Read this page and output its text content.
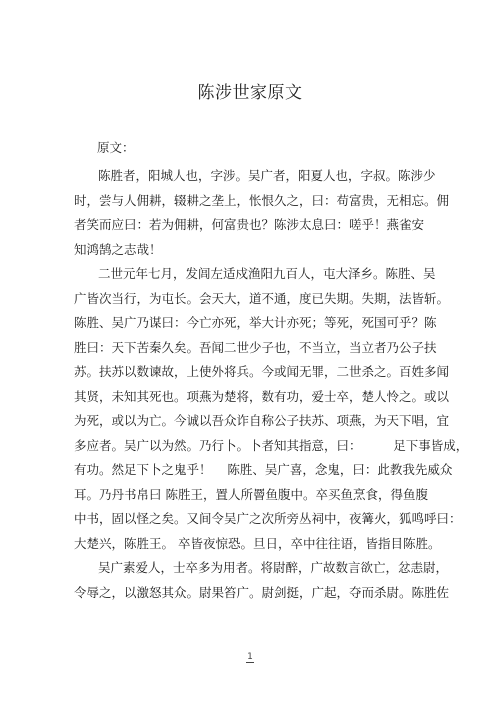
陈涉世家原文
原文：
陈胜者，阳城人也，字涉。吴广者，阳夏人也，字叔。陈涉少
时，尝与人佣耕，辍耕之垄上，怅恨久之，曰：苟富贵，无相忘。佣
者笑而应曰：若为佣耕，何富贵也？陈涉太息曰：嗟乎！燕雀安
知鸿鹄之志哉！
二世元年七月，发闾左适戍渔阳九百人，屯大泽乡。陈胜、吴
广皆次当行，为屯长。会天大，道不通，度已失期。失期，法皆斩。
陈胜、吴广乃谋曰：今亡亦死，举大计亦死；等死，死国可乎？陈
胜曰：天下苦秦久矣。吾闻二世少子也，不当立，当立者乃公子扶
苏。扶苏以数谏故，上使外将兵。今或闻无罪，二世杀之。百姓多闻
其贤，未知其死也。项燕为楚将，数有功，爱士卒，楚人怜之。或以
为死，或以为亡。今诚以吾众诈自称公子扶苏、项燕，为天下唱，宜
多应者。吴广以为然。乃行卜。卜者知其指意，曰：        足下事皆成，
有功。然足下卜之鬼乎！    陈胜、吴广喜，念鬼，曰：此教我先威众
耳。乃丹书帛曰 陈胜王，置人所罾鱼腹中。卒买鱼烹食，得鱼腹
中书，固以怪之矣。又间令吴广之次所旁丛祠中，夜篝火，狐鸣呼曰：
大楚兴，陈胜王。 卒皆夜惊恐。旦日，卒中往往语，皆指目陈胜。
吴广素爱人，士卒多为用者。将尉醉，广故数言欲亡，忿恚尉，
令辱之，以激怒其众。尉果笞广。尉剑挺，广起，夺而杀尉。陈胜佐
1
